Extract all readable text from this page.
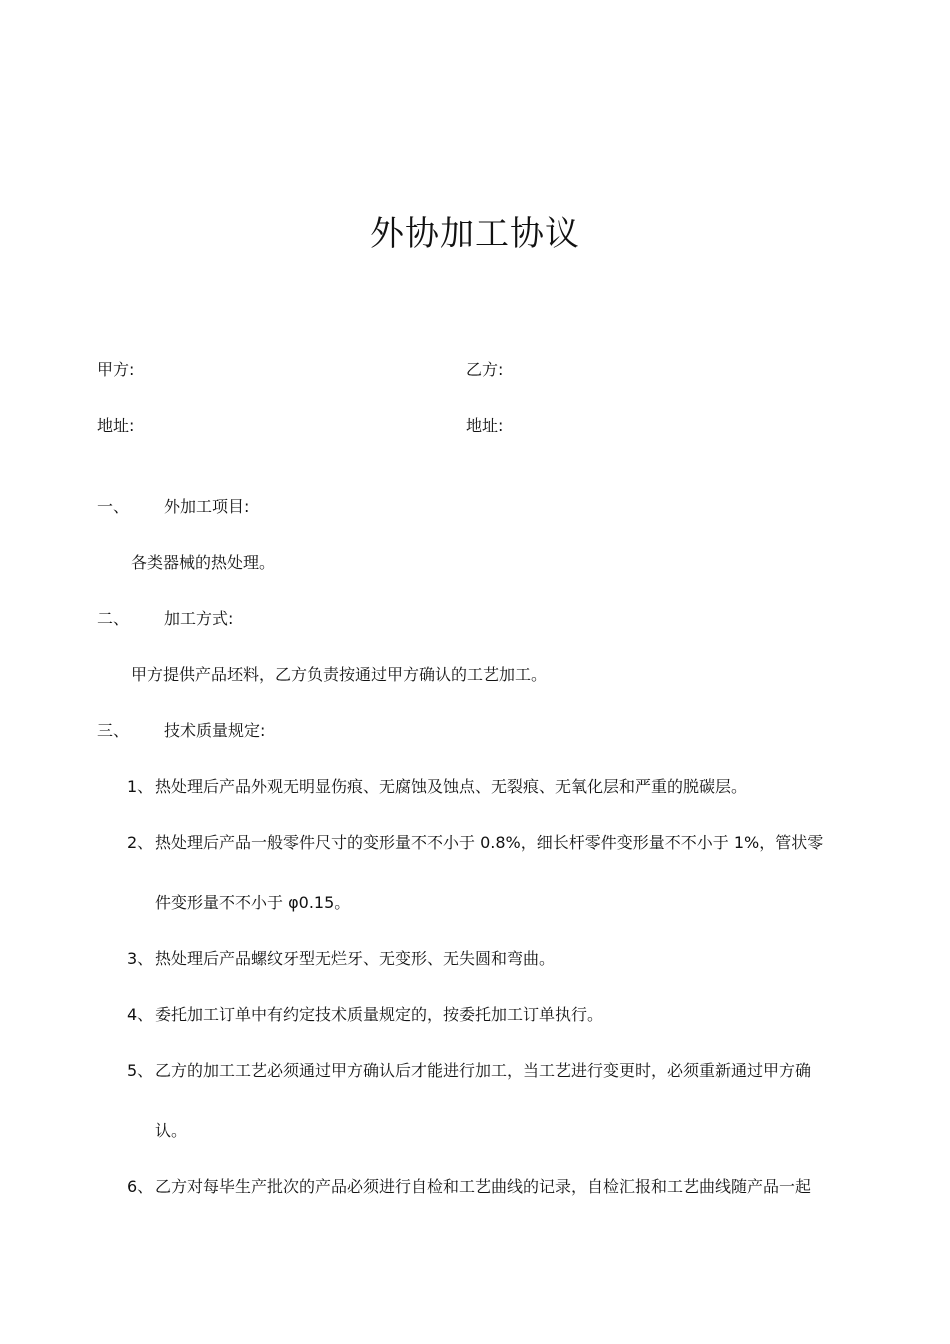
外协加工协议
甲方:	乙方:
地址:	地址:
一、 外加工项目:
各类器械的热处理。
二、 加工方式:
甲方提供产品坯料，乙方负责按通过甲方确认的工艺加工。
三、 技术质量规定:
1、 热处理后产品外观无明显伤痕、无腐蚀及蚀点、无裂痕、无氧化层和严重的脱碳层。
2、 热处理后产品一般零件尺寸的变形量不不小于 0.8%，细长杆零件变形量不不小于 1%，管状零
件变形量不不小于 φ0.15。
3、 热处理后产品螺纹牙型无烂牙、无变形、无失圆和弯曲。
4、 委托加工订单中有约定技术质量规定的，按委托加工订单执行。
5、 乙方的加工工艺必须通过甲方确认后才能进行加工，当工艺进行变更时，必须重新通过甲方确
认。
6、 乙方对每毕生产批次的产品必须进行自检和工艺曲线的记录，自检汇报和工艺曲线随产品一起
